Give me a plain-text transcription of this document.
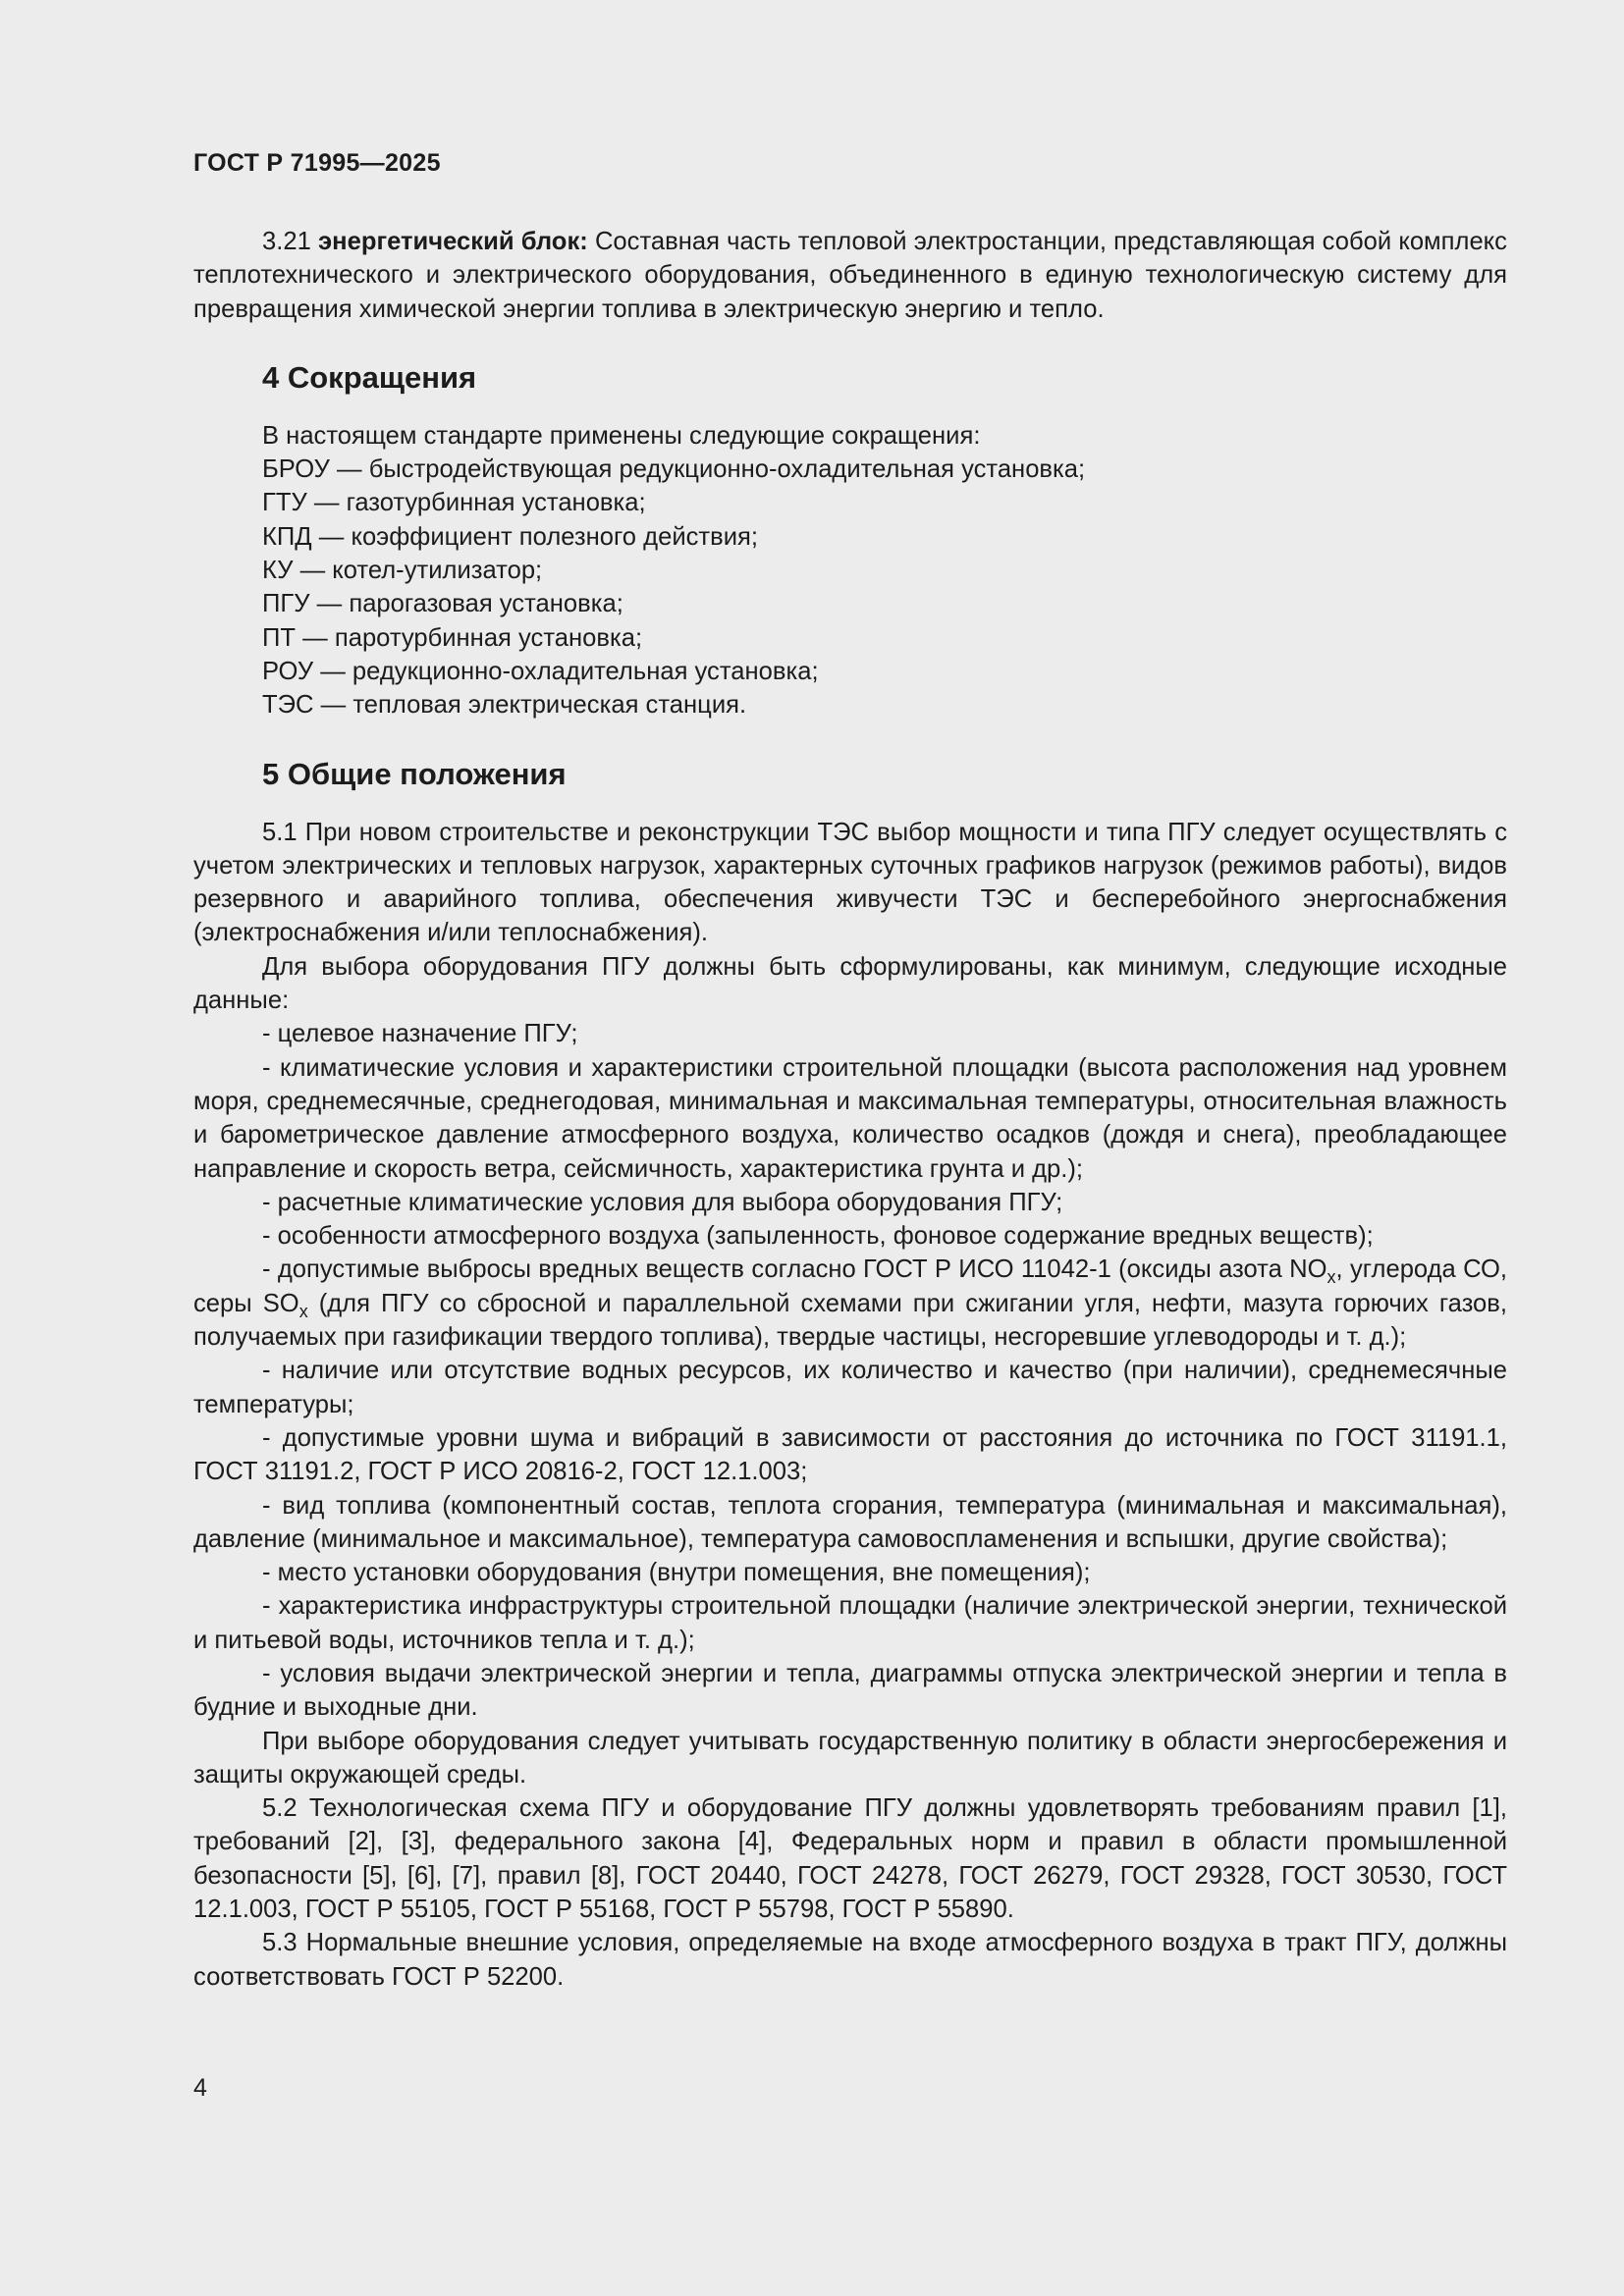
ГОСТ Р 71995—2025

3.21 энергетический блок: Составная часть тепловой электростанции, представляющая собой комплекс теплотехнического и электрического оборудования, объединенного в единую технологическую систему для превращения химической энергии топлива в электрическую энергию и тепло.

4 Сокращения
В настоящем стандарте применены следующие сокращения:
БРОУ — быстродействующая редукционно-охладительная установка;
ГТУ — газотурбинная установка;
КПД — коэффициент полезного действия;
КУ — котел-утилизатор;
ПГУ — парогазовая установка;
ПТ — паротурбинная установка;
РОУ — редукционно-охладительная установка;
ТЭС — тепловая электрическая станция.
5 Общие положения

5.1 При новом строительстве и реконструкции ТЭС выбор мощности и типа ПГУ следует осуществлять с учетом электрических и тепловых нагрузок, характерных суточных графиков нагрузок (режимов работы), видов резервного и аварийного топлива, обеспечения живучести ТЭС и бесперебойного энергоснабжения (электроснабжения и/или теплоснабжения).

Для выбора оборудования ПГУ должны быть сформулированы, как минимум, следующие исходные данные:

- целевое назначение ПГУ;

- климатические условия и характеристики строительной площадки (высота расположения над уровнем моря, среднемесячные, среднегодовая, минимальная и максимальная температуры, относительная влажность и барометрическое давление атмосферного воздуха, количество осадков (дождя и снега), преобладающее направление и скорость ветра, сейсмичность, характеристика грунта и др.);

- расчетные климатические условия для выбора оборудования ПГУ;

- особенности атмосферного воздуха (запыленность, фоновое содержание вредных веществ);

- допустимые выбросы вредных веществ согласно ГОСТ Р ИСО 11042-1 (оксиды азота $NO_x$, углерода СО, серы $SO_x$ (для ПГУ со сбросной и параллельной схемами при сжигании угля, нефти, мазута горючих газов, получаемых при газификации твердого топлива), твердые частицы, несгоревшие углеводороды и т. д.);

- наличие или отсутствие водных ресурсов, их количество и качество (при наличии), среднемесячные температуры;

- допустимые уровни шума и вибраций в зависимости от расстояния до источника по ГОСТ 31191.1, ГОСТ 31191.2, ГОСТ Р ИСО 20816-2, ГОСТ 12.1.003;

- вид топлива (компонентный состав, теплота сгорания, температура (минимальная и максимальная), давление (минимальное и максимальное), температура самовоспламенения и вспышки, другие свойства);

- место установки оборудования (внутри помещения, вне помещения);

- характеристика инфраструктуры строительной площадки (наличие электрической энергии, технической и питьевой воды, источников тепла и т. д.);

- условия выдачи электрической энергии и тепла, диаграммы отпуска электрической энергии и тепла в будние и выходные дни.

При выборе оборудования следует учитывать государственную политику в области энергосбережения и защиты окружающей среды.

5.2 Технологическая схема ПГУ и оборудование ПГУ должны удовлетворять требованиям правил [1], требований [2], [3], федерального закона [4], Федеральных норм и правил в области промышленной безопасности [5], [6], [7], правил [8], ГОСТ 20440, ГОСТ 24278, ГОСТ 26279, ГОСТ 29328, ГОСТ 30530, ГОСТ 12.1.003, ГОСТ Р 55105, ГОСТ Р 55168, ГОСТ Р 55798, ГОСТ Р 55890.

5.3 Нормальные внешние условия, определяемые на входе атмосферного воздуха в тракт ПГУ, должны соответствовать ГОСТ Р 52200.

4
